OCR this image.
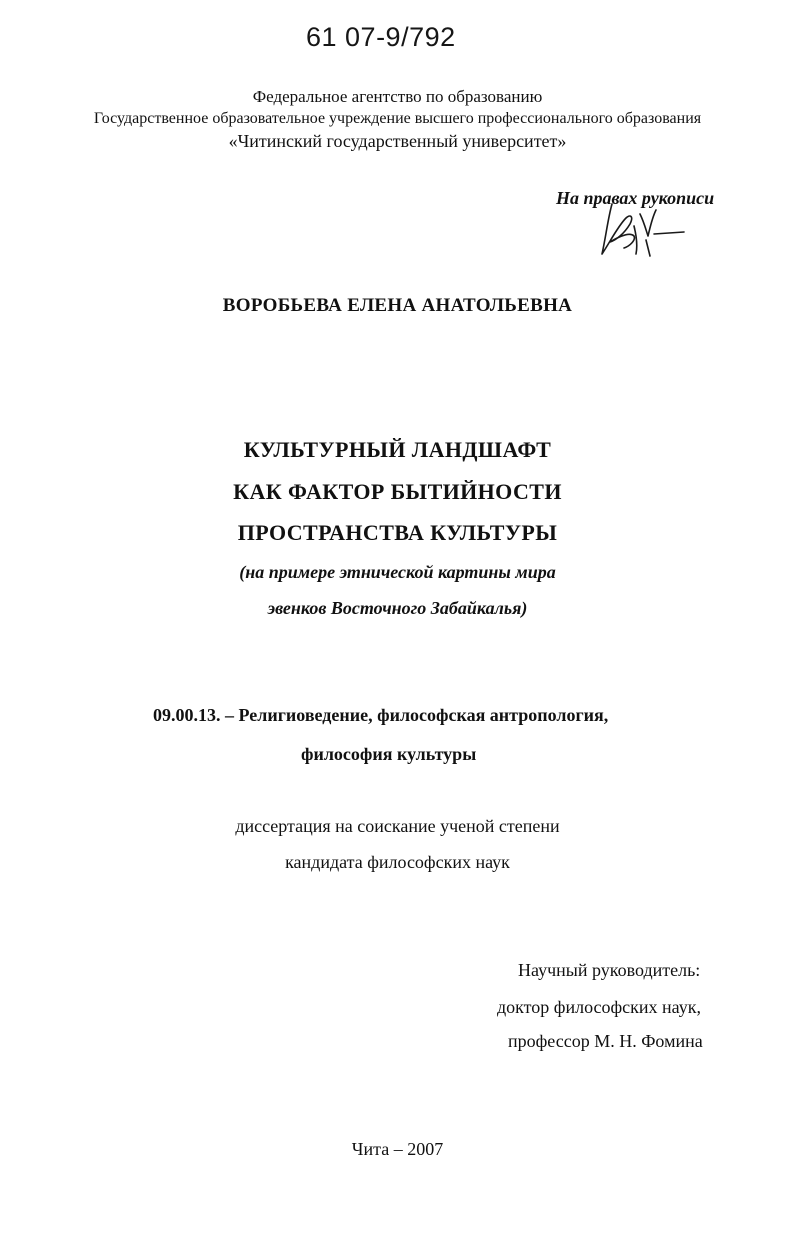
61 07-9/792
Федеральное агентство по образованию
Государственное образовательное учреждение высшего профессионального образования
«Читинский государственный университет»
На правах рукописи
ВОРОБЬЕВА ЕЛЕНА АНАТОЛЬЕВНА
КУЛЬТУРНЫЙ ЛАНДШАФТ
КАК ФАКТОР БЫТИЙНОСТИ
ПРОСТРАНСТВА КУЛЬТУРЫ
(на примере этнической картины мира
эвенков Восточного Забайкалья)
09.00.13. – Религиоведение, философская антропология,
философия культуры
диссертация на соискание ученой степени
кандидата философских наук
Научный руководитель:
доктор философских наук,
профессор М. Н. Фомина
Чита – 2007
